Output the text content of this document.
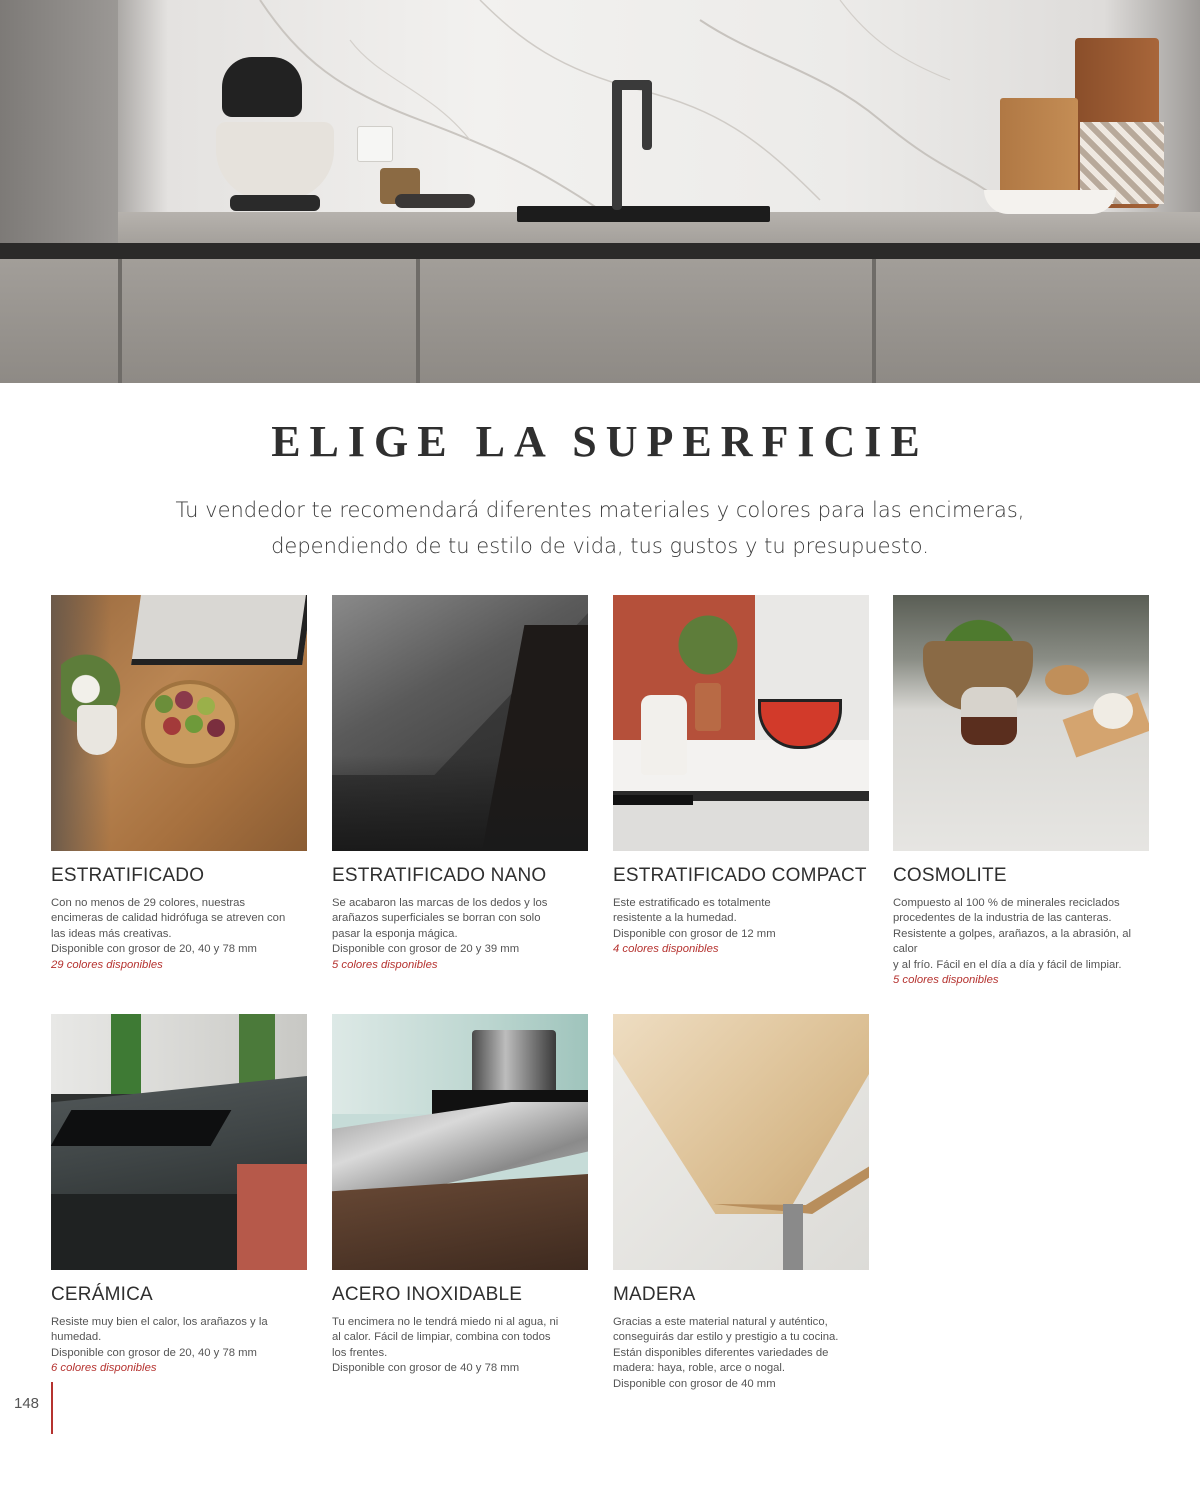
ELIGE LA SUPERFICIE
Tu vendedor te recomendará diferentes materiales y colores para las encimeras,
dependiendo de tu estilo de vida, tus gustos y tu presupuesto.
ESTRATIFICADO
Con no menos de 29 colores, nuestras
encimeras de calidad hidrófuga se atreven con
las ideas más creativas.
Disponible con grosor de 20, 40 y 78 mm
29 colores disponibles
ESTRATIFICADO NANO
Se acabaron las marcas de los dedos y los
arañazos superficiales se borran con solo
pasar la esponja mágica.
Disponible con grosor de 20 y 39 mm
5 colores disponibles
ESTRATIFICADO COMPACT
Este estratificado es totalmente
resistente a la humedad.
Disponible con grosor de 12 mm
4 colores disponibles
COSMOLITE
Compuesto al 100 % de minerales reciclados
procedentes de la industria de las canteras.
Resistente a golpes, arañazos, a la abrasión, al calor
y al frío. Fácil en el día a día y fácil de limpiar.
5 colores disponibles
CERÁMICA
Resiste muy bien el calor, los arañazos y la
humedad.
Disponible con grosor de 20, 40 y 78 mm
6 colores disponibles
ACERO INOXIDABLE
Tu encimera no le tendrá miedo ni al agua, ni
al calor. Fácil de limpiar, combina con todos
los frentes.
Disponible con grosor de 40 y 78 mm
MADERA
Gracias a este material natural y auténtico,
conseguirás dar estilo y prestigio a tu cocina.
Están disponibles diferentes variedades de
madera: haya, roble, arce o nogal.
Disponible con grosor de 40 mm
148
